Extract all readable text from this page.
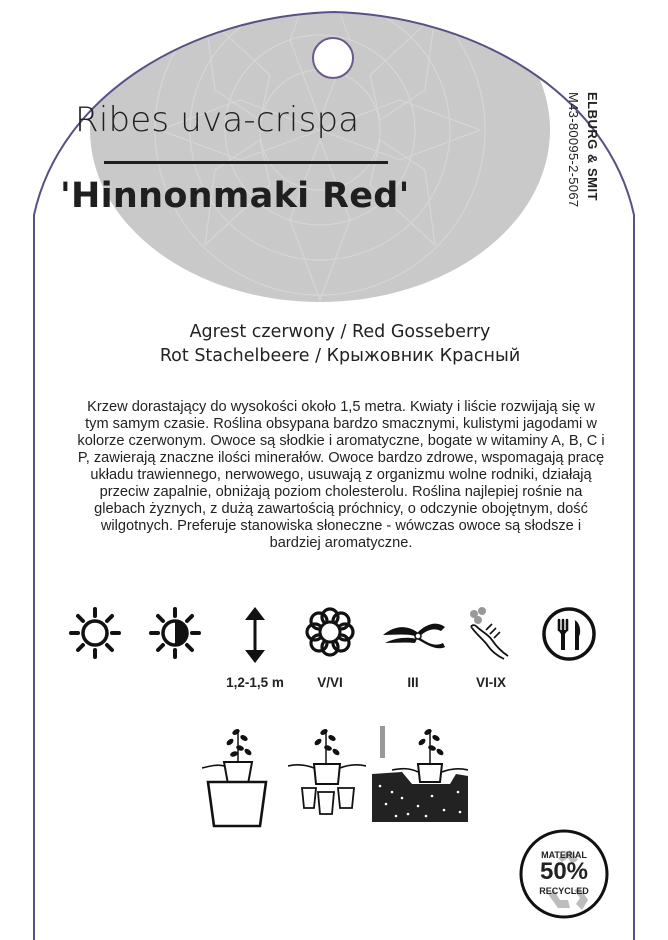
Ribes uva-crispa
'Hinnonmaki Red'	ELBURG & SMIT
M43-80095-2-5067
Agrest czerwony / Red Gosseberry
Rot Stachelbeere / Крыжовник Красный
Krzew dorastający do wysokości około 1,5 metra. Kwiaty i liście rozwijają się w tym samym czasie. Roślina obsypana bardzo smacznymi, kulistymi jagodami w kolorze czerwonym. Owoce są słodkie i aromatyczne, bogate w witaminy A, B, C i P, zawierają znaczne ilości minerałów. Owoce bardzo zdrowe, wspomagają pracę układu trawiennego, nerwowego, usuwają z organizmu wolne rodniki, działają przeciw zapalnie, obniżają poziom cholesterolu. Roślina najlepiej rośnie na glebach żyznych, z dużą zawartością próchnicy, o odczynie obojętnym, dość wilgotnych. Preferuje stanowiska słoneczne - wówczas owoce są słodsze i bardziej aromatyczne.
1,2-1,5 m	V/VI	III	VI-IX
MATERIAL
50%
RECYCLED
